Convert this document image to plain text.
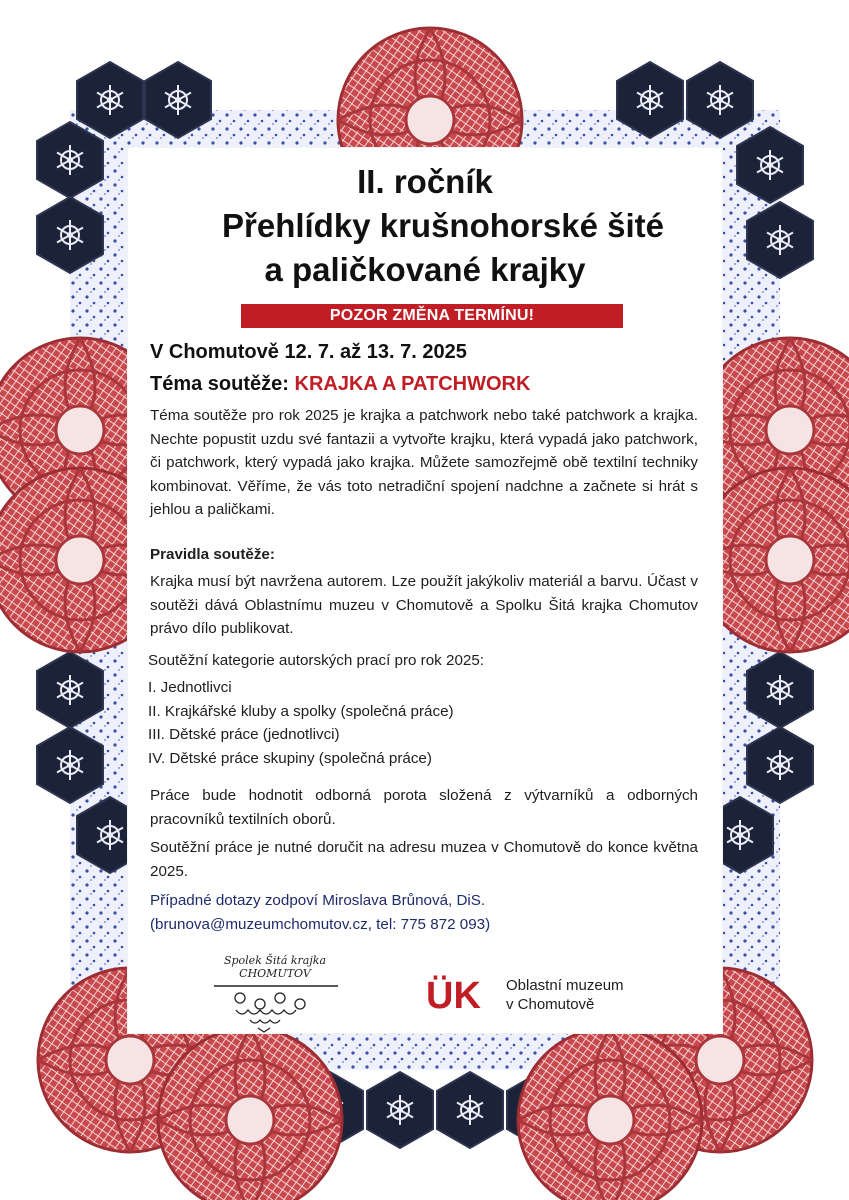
II. ročník
Přehlídky krušnohorské šité
a paličkované krajky
POZOR ZMĚNA TERMÍNU!
V Chomutově 12. 7. až 13. 7. 2025
Téma soutěže: KRAJKA A PATCHWORK

Téma soutěže pro rok 2025 je krajka a patchwork nebo také patchwork a krajka. Nechte popustit uzdu své fantazii a vytvořte krajku, která vypadá jako patchwork, či patchwork, který vypadá jako krajka. Můžete samozřejmě obě textilní techniky kombinovat. Věříme, že vás toto netradiční spojení nadchne a začnete si hrát s jehlou a paličkami.

Pravidla soutěže:

Krajka musí být navržena autorem. Lze použít jakýkoliv materiál a barvu. Účast v soutěži dává Oblastnímu muzeu v Chomutově a Spolku Šitá krajka Chomutov právo dílo publikovat.

Soutěžní kategorie autorských prací pro rok 2025:
I. Jednotlivci
II. Krajkářské kluby a spolky (společná práce)
III. Dětské práce (jednotlivci)
IV. Dětské práce skupiny (společná práce)

Práce bude hodnotit odborná porota složená z výtvarníků a odborných pracovníků textilních oborů.

Soutěžní práce je nutné doručit na adresu muzea v Chomutově do konce května 2025.

Případné dotazy zodpoví Miroslava Brůnová, DiS.
(brunova@muzeumchomutov.cz, tel: 775 872 093)
Spolek Šitá krajka
CHOMUTOV
ÜK Oblastní muzeum
v Chomutově
